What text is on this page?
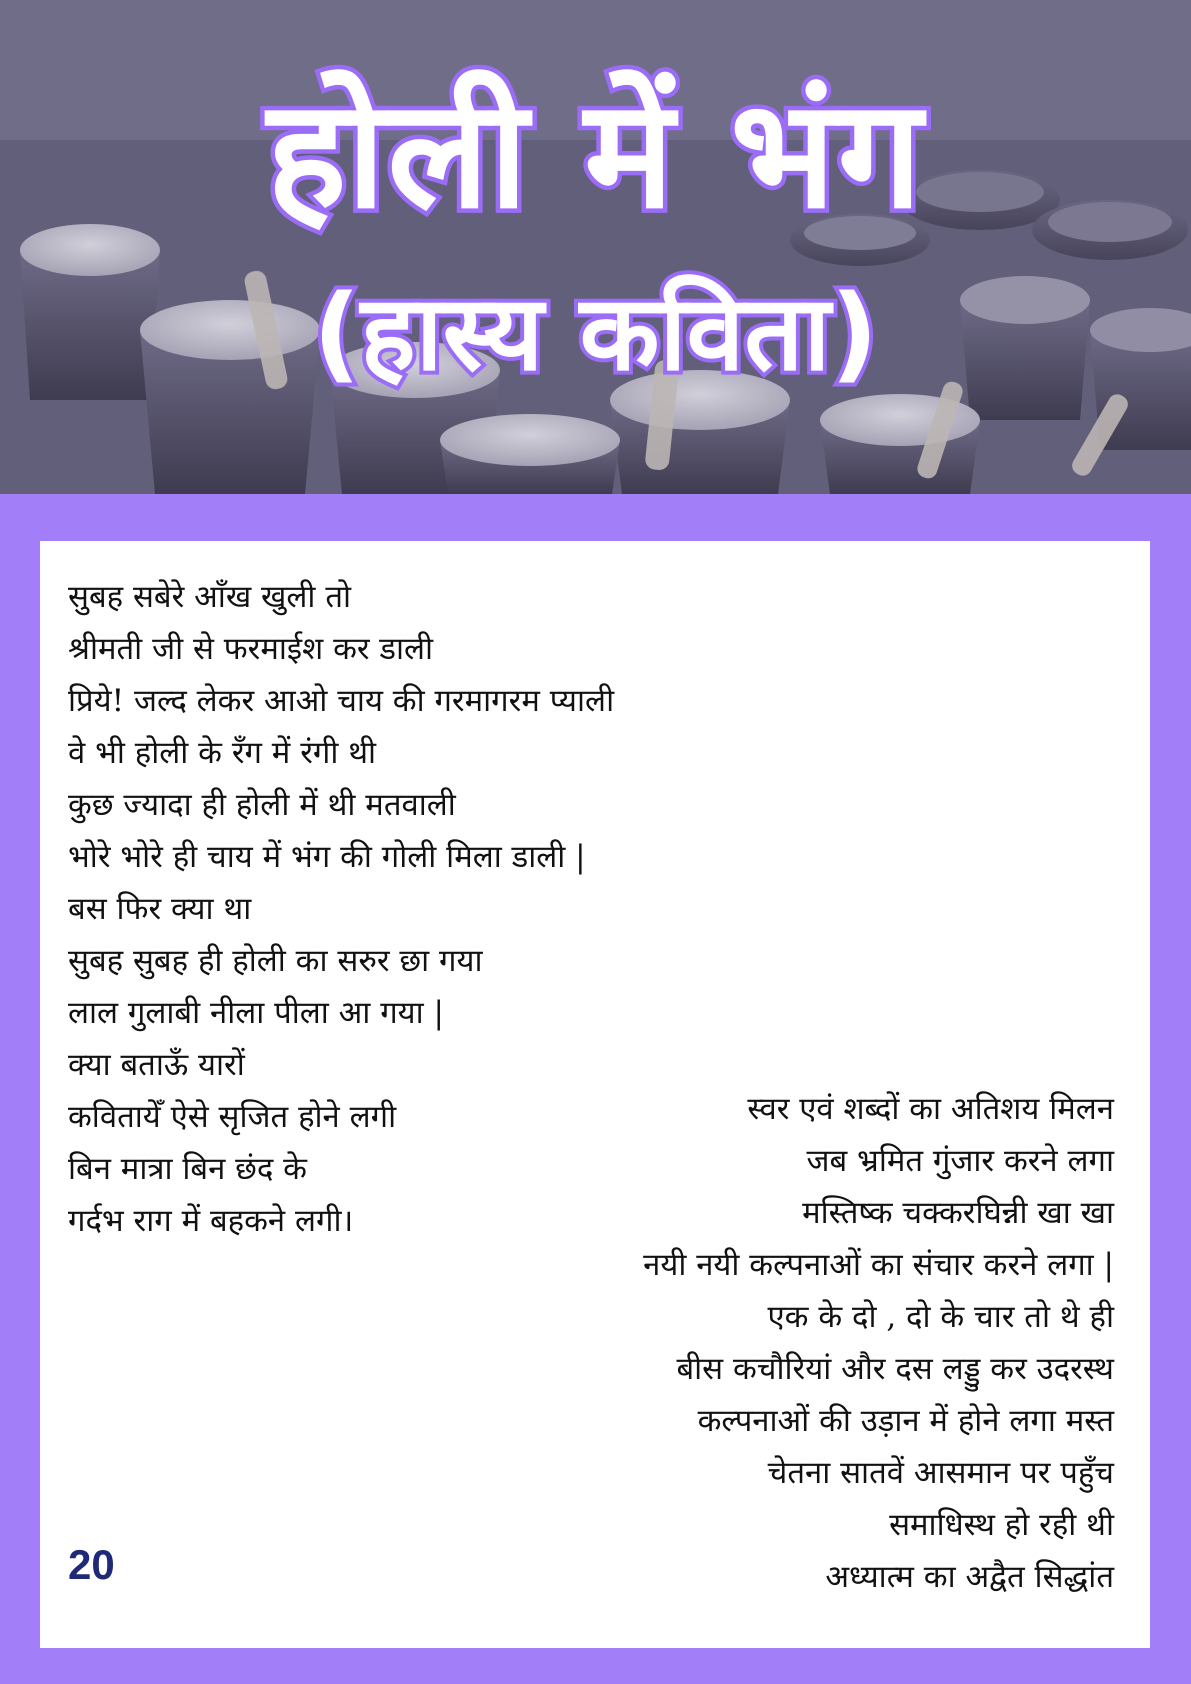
होली में भंग
(हास्य कविता)
सुबह सबेरे आँख खुली तो
श्रीमती जी से फरमाईश कर डाली
प्रिये! जल्द लेकर आओ चाय की गरमागरम प्याली
वे भी होली के रँग में रंगी थी
कुछ ज्यादा ही होली में थी मतवाली
भोरे भोरे ही चाय में भंग की गोली मिला डाली |
बस फिर क्या था
सुबह सुबह ही होली का सरुर छा गया
लाल गुलाबी नीला पीला आ गया |
क्या बताऊँ यारों
कवितायेँ ऐसे सृजित होने लगी
बिन मात्रा बिन छंद के
गर्दभ राग में बहकने लगी।
स्वर एवं शब्दों का अतिशय मिलन
जब भ्रमित गुंजार करने लगा
मस्तिष्क चक्करघिन्नी खा खा
नयी नयी कल्पनाओं का संचार करने लगा |
एक के दो , दो के चार तो थे ही
बीस कचौरियां और दस लड्डु कर उदरस्थ
कल्पनाओं की उड़ान में होने लगा मस्त
चेतना सातवें आसमान पर पहुँच
समाधिस्थ हो रही थी
अध्यात्म का अद्वैत सिद्धांत
20
